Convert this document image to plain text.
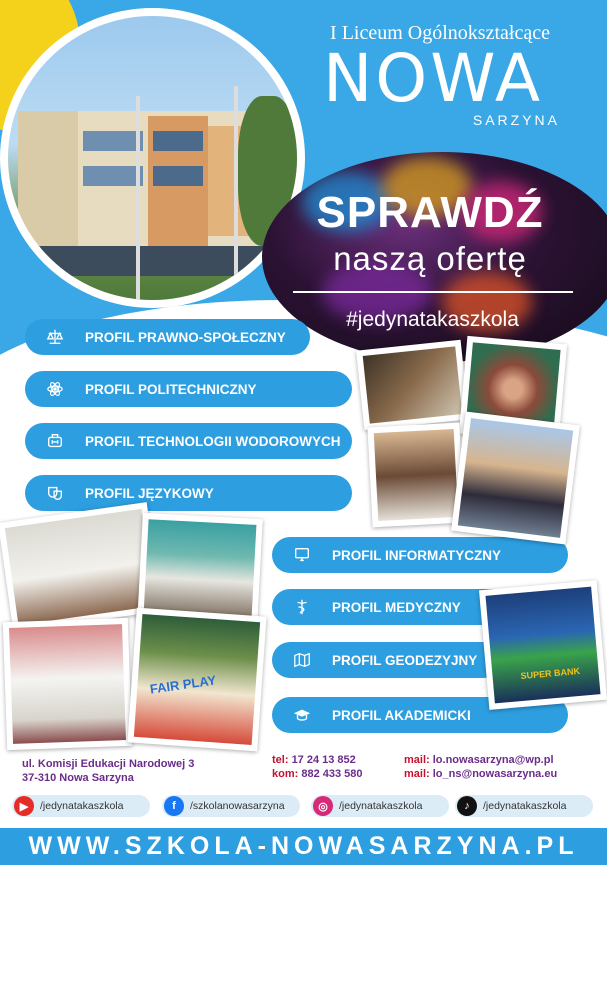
I Liceum Ogólnokształcące
NOWA
SARZYNA
SPRAWDŹ
naszą ofertę
#jedynatakaszkola
PROFIL PRAWNO-SPOŁECZNY
PROFIL POLITECHNICZNY
PROFIL TECHNOLOGII WODOROWYCH
PROFIL JĘZYKOWY
PROFIL INFORMATYCZNY
PROFIL MEDYCZNY
PROFIL GEODEZYJNY
PROFIL AKADEMICKI
FAIR PLAY	SUPER BANK
ul. Komisji Edukacji Narodowej 3
37-310 Nowa Sarzyna
tel: 17 24 13 852
kom: 882 433 580
mail: lo.nowasarzyna@wp.pl
mail: lo_ns@nowasarzyna.eu
▶	/jedynatakaszkola	f	/szkolanowasarzyna	◎	/jedynatakaszkola	♪	/jedynatakaszkola
WWW.SZKOLA-NOWASARZYNA.PL
